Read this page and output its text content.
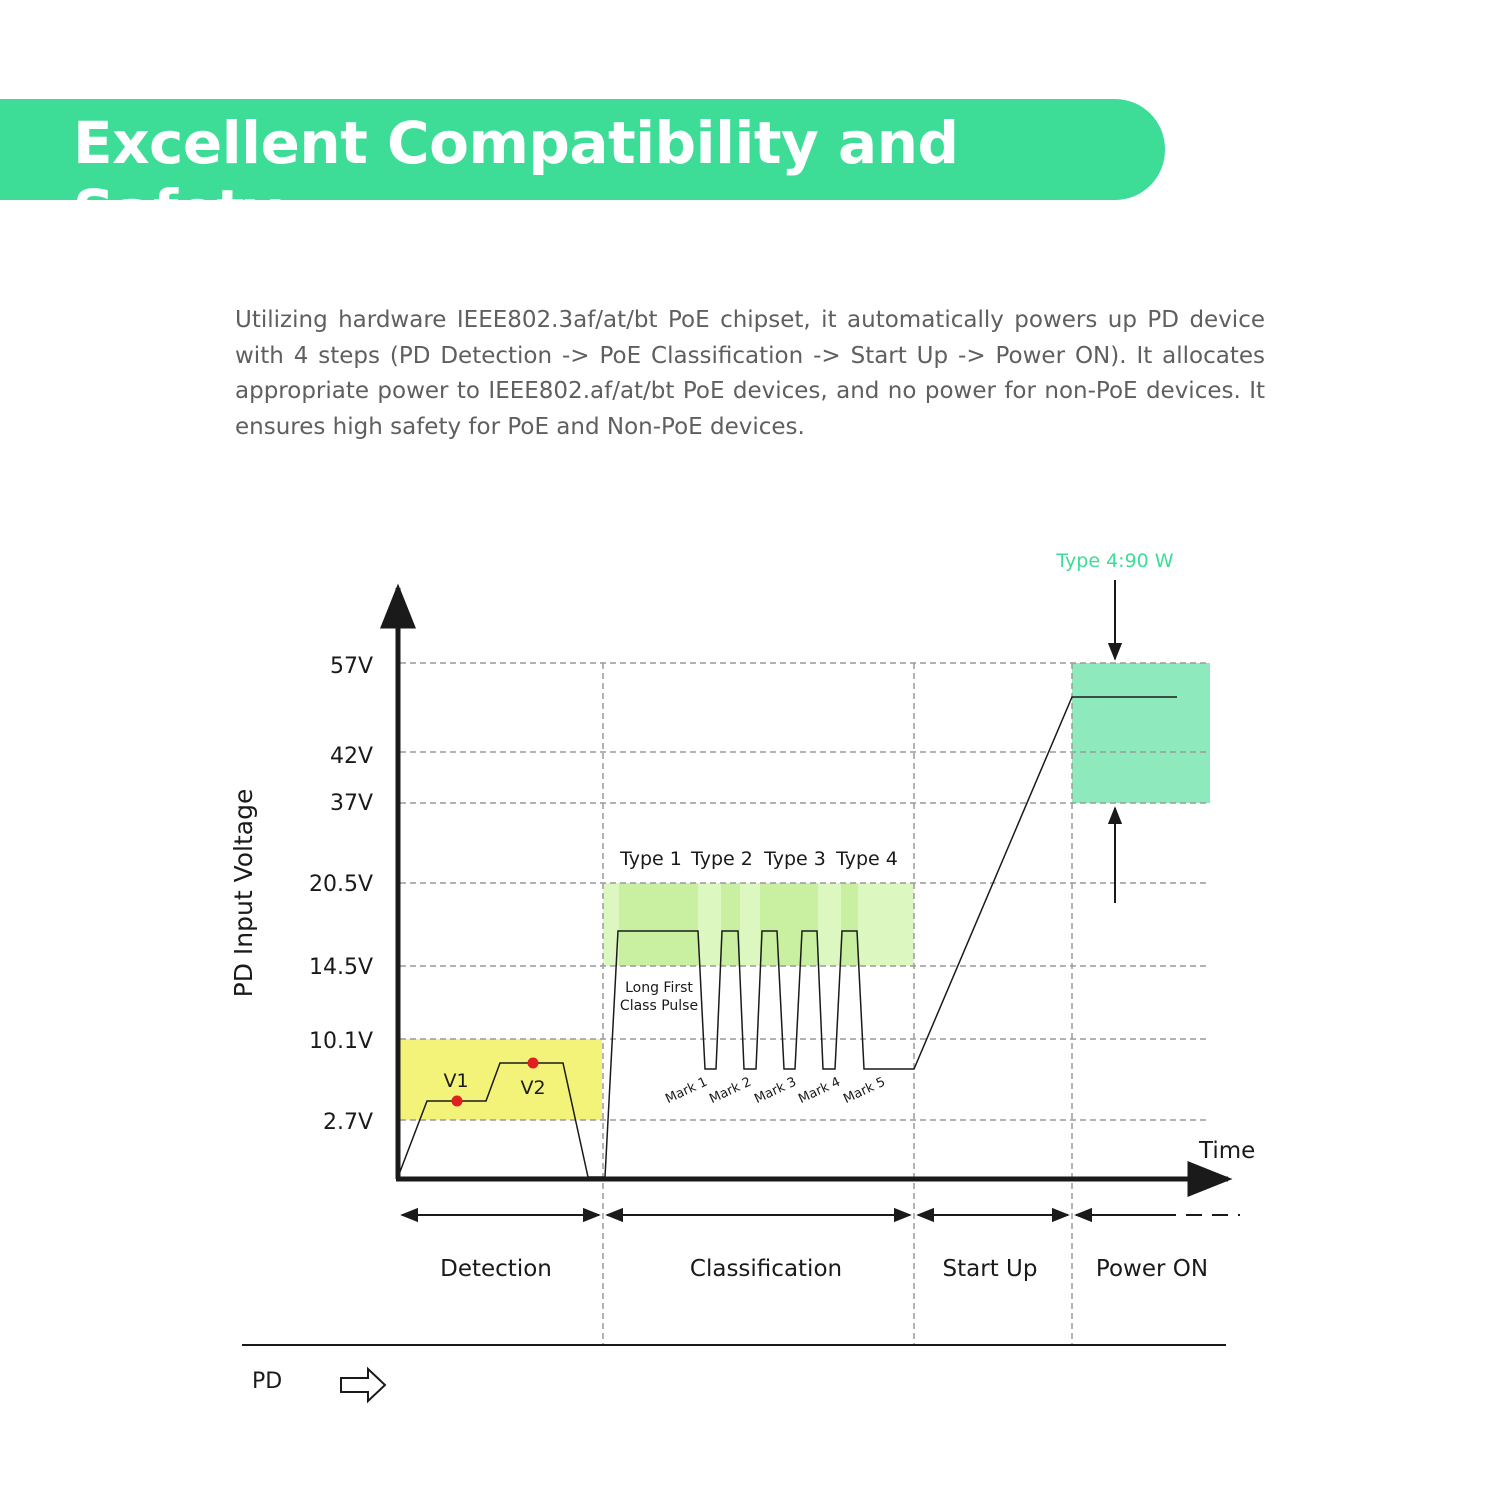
Excellent Compatibility and Safety

Utilizing hardware IEEE802.3af/at/bt PoE chipset, it automatically powers up PD device with 4 steps (PD Detection -> PoE Classification -> Start Up -> Power ON). It allocates appropriate power to IEEE802.af/at/bt PoE devices, and no power for non-PoE devices. It ensures high safety for PoE and Non-PoE devices.

PD Input Voltage
Time
57V
42V
37V
20.5V
14.5V
10.1V
2.7V
Type 4:90 W
Type 1 Type 2 Type 3 Type 4
Long First
Class Pulse
V1	V2	Mark 1
Mark 2
Mark 3
Mark 4
Mark 5
Detection	Classification	Start Up	Power ON
PD
